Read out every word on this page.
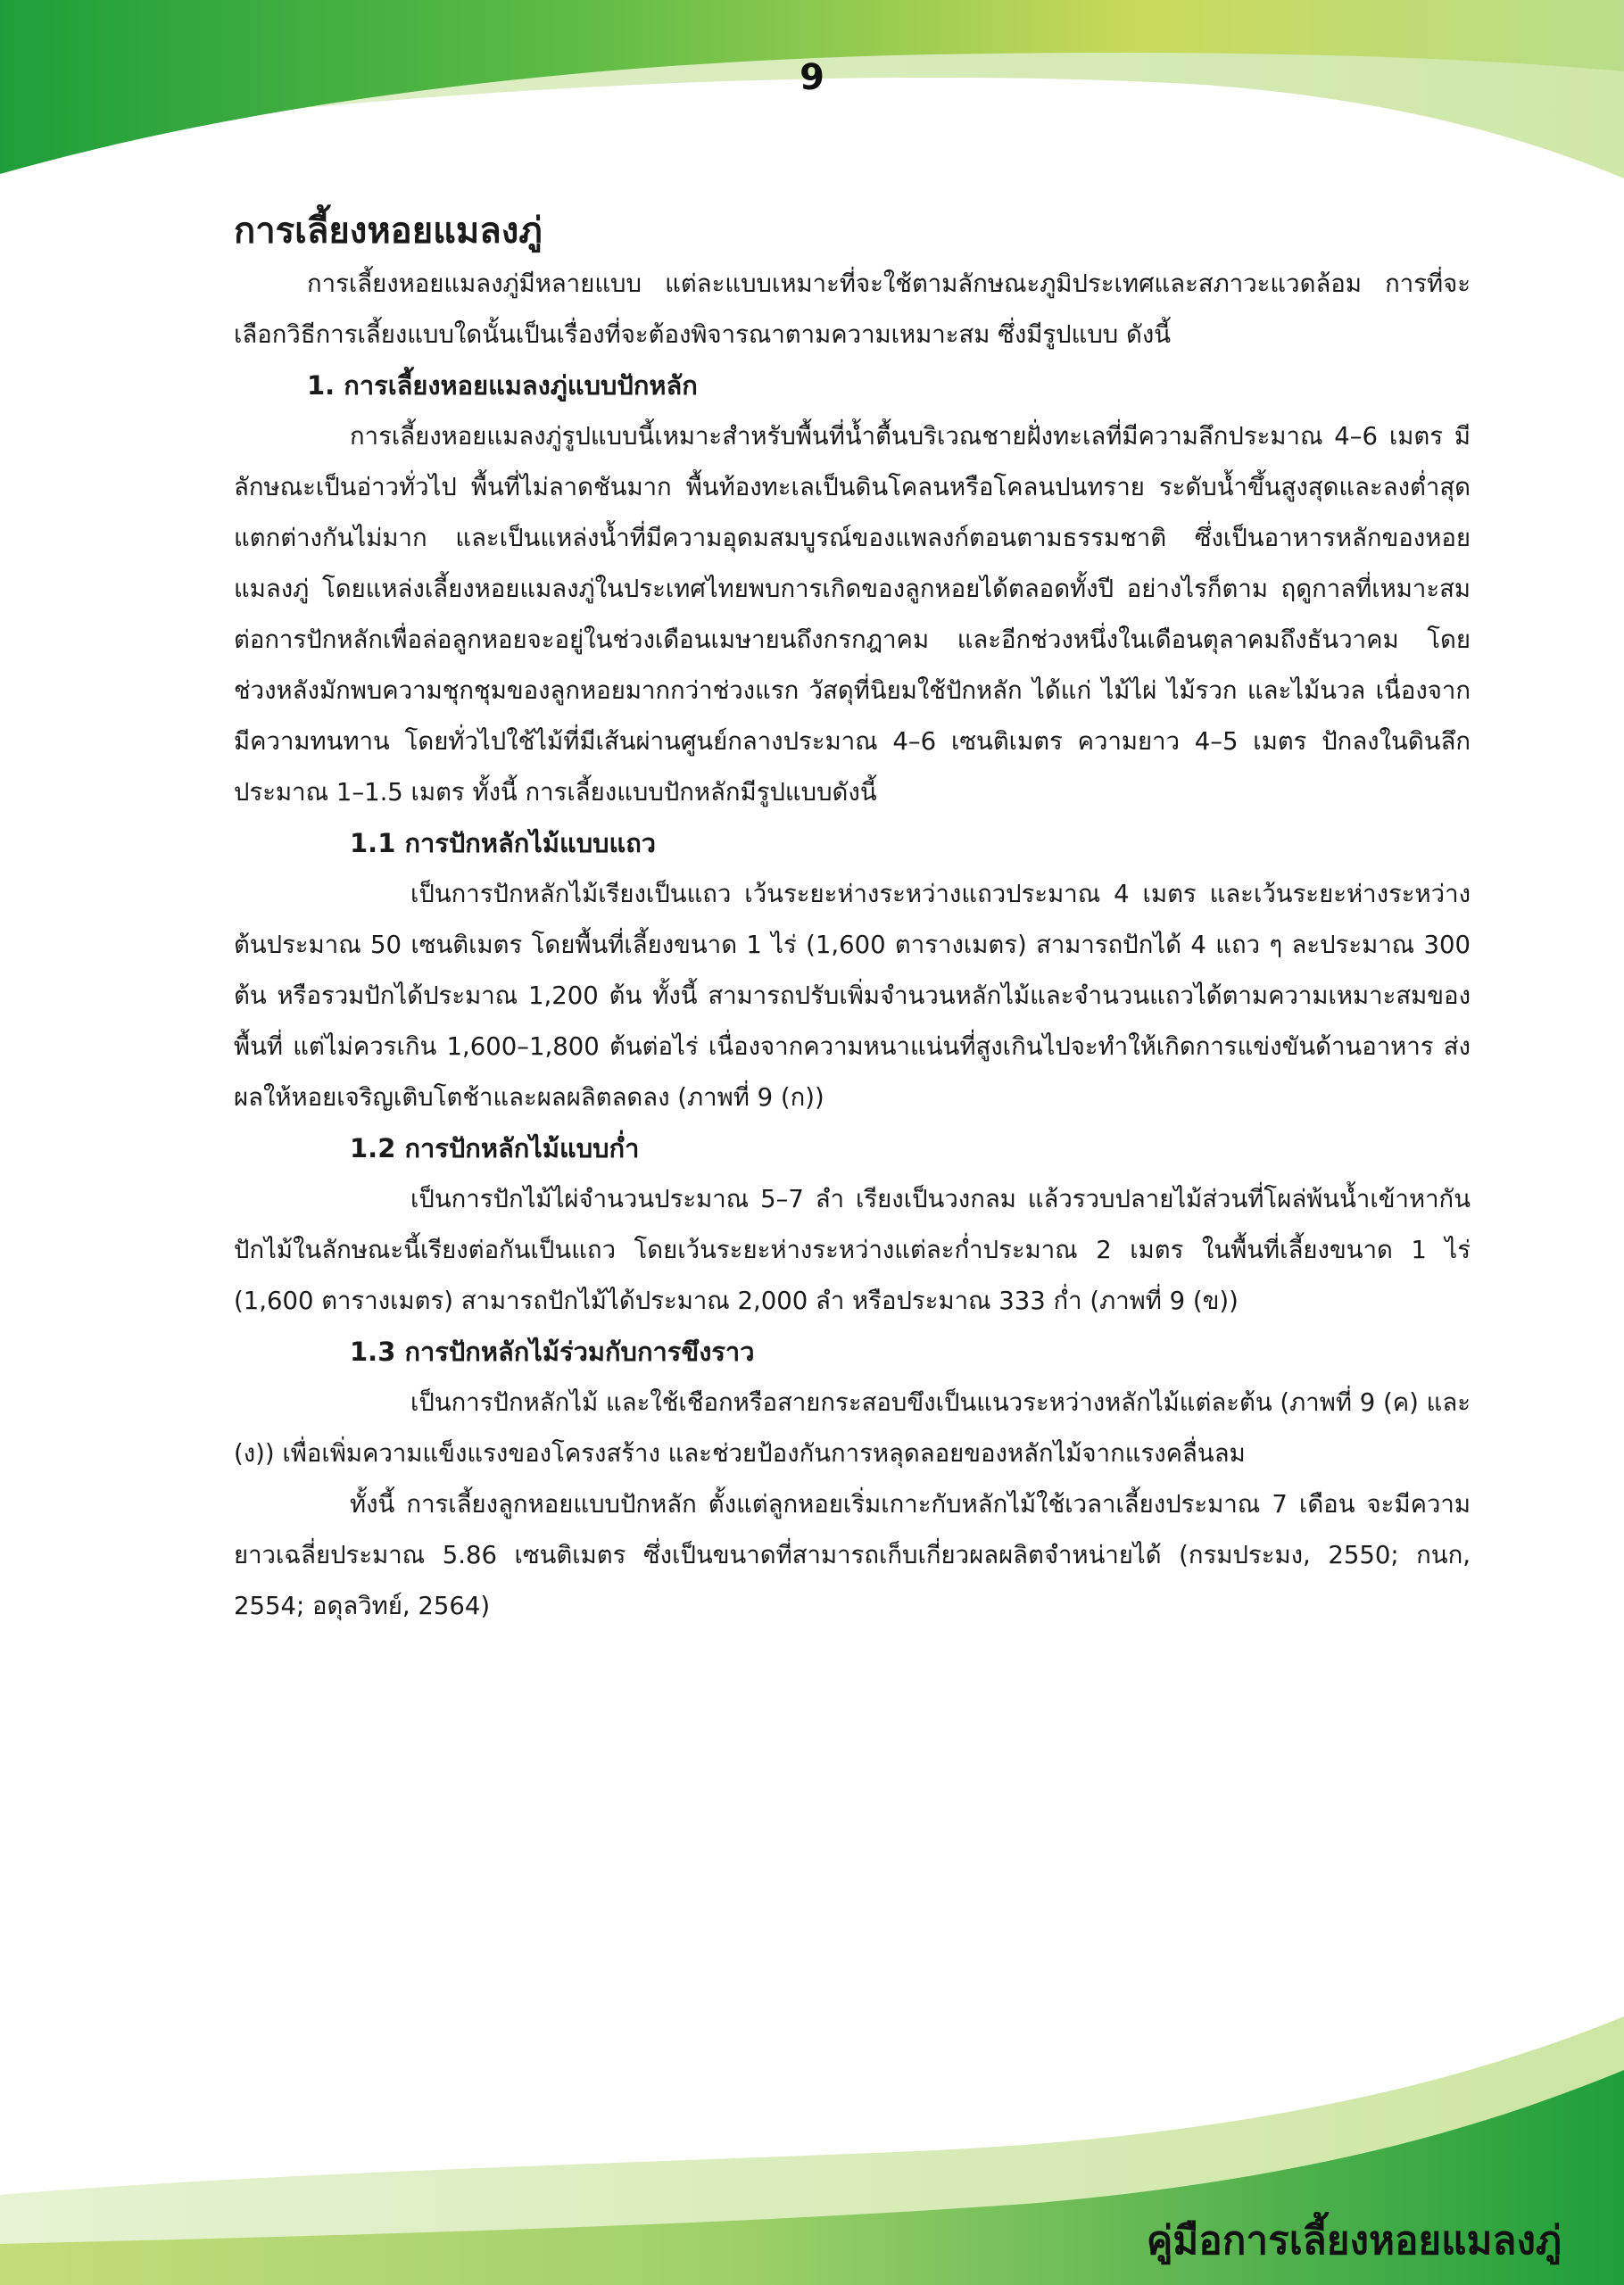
9

การเลี้ยงหอยแมลงภู่

การเลี้ยงหอยแมลงภู่มีหลายแบบ แต่ละแบบเหมาะที่จะใช้ตามลักษณะภูมิประเทศและสภาวะแวดล้อม การที่จะเลือกวิธีการเลี้ยงแบบใดนั้นเป็นเรื่องที่จะต้องพิจารณาตามความเหมาะสม ซึ่งมีรูปแบบ ดังนี้

1. การเลี้ยงหอยแมลงภู่แบบปักหลัก

การเลี้ยงหอยแมลงภู่รูปแบบนี้เหมาะสำหรับพื้นที่น้ำตื้นบริเวณชายฝั่งทะเลที่มีความลึกประมาณ 4–6 เมตร มีลักษณะเป็นอ่าวทั่วไป พื้นที่ไม่ลาดชันมาก พื้นท้องทะเลเป็นดินโคลนหรือโคลนปนทราย ระดับน้ำขึ้นสูงสุดและลงต่ำสุดแตกต่างกันไม่มาก และเป็นแหล่งน้ำที่มีความอุดมสมบูรณ์ของแพลงก์ตอนตามธรรมชาติ ซึ่งเป็นอาหารหลักของหอยแมลงภู่ โดยแหล่งเลี้ยงหอยแมลงภู่ในประเทศไทยพบการเกิดของลูกหอยได้ตลอดทั้งปี อย่างไรก็ตาม ฤดูกาลที่เหมาะสมต่อการปักหลักเพื่อล่อลูกหอยจะอยู่ในช่วงเดือนเมษายนถึงกรกฎาคม และอีกช่วงหนึ่งในเดือนตุลาคมถึงธันวาคม โดยช่วงหลังมักพบความชุกชุมของลูกหอยมากกว่าช่วงแรก วัสดุที่นิยมใช้ปักหลัก ได้แก่ ไม้ไผ่ ไม้รวก และไม้นวล เนื่องจากมีความทนทาน โดยทั่วไปใช้ไม้ที่มีเส้นผ่านศูนย์กลางประมาณ 4–6 เซนติเมตร ความยาว 4–5 เมตร ปักลงในดินลึกประมาณ 1–1.5 เมตร ทั้งนี้ การเลี้ยงแบบปักหลักมีรูปแบบดังนี้

1.1 การปักหลักไม้แบบแถว

เป็นการปักหลักไม้เรียงเป็นแถว เว้นระยะห่างระหว่างแถวประมาณ 4 เมตร และเว้นระยะห่างระหว่างต้นประมาณ 50 เซนติเมตร โดยพื้นที่เลี้ยงขนาด 1 ไร่ (1,600 ตารางเมตร) สามารถปักได้ 4 แถว ๆ ละประมาณ 300 ต้น หรือรวมปักได้ประมาณ 1,200 ต้น ทั้งนี้ สามารถปรับเพิ่มจำนวนหลักไม้และจำนวนแถวได้ตามความเหมาะสมของพื้นที่ แต่ไม่ควรเกิน 1,600–1,800 ต้นต่อไร่ เนื่องจากความหนาแน่นที่สูงเกินไปจะทำให้เกิดการแข่งขันด้านอาหาร ส่งผลให้หอยเจริญเติบโตช้าและผลผลิตลดลง (ภาพที่ 9 (ก))

1.2 การปักหลักไม้แบบก่ำ

เป็นการปักไม้ไผ่จำนวนประมาณ 5–7 ลำ เรียงเป็นวงกลม แล้วรวบปลายไม้ส่วนที่โผล่พ้นน้ำเข้าหากัน ปักไม้ในลักษณะนี้เรียงต่อกันเป็นแถว โดยเว้นระยะห่างระหว่างแต่ละก่ำประมาณ 2 เมตร ในพื้นที่เลี้ยงขนาด 1 ไร่ (1,600 ตารางเมตร) สามารถปักไม้ได้ประมาณ 2,000 ลำ หรือประมาณ 333 ก่ำ (ภาพที่ 9 (ข))

1.3 การปักหลักไม้ร่วมกับการขึงราว

เป็นการปักหลักไม้ และใช้เชือกหรือสายกระสอบขึงเป็นแนวระหว่างหลักไม้แต่ละต้น (ภาพที่ 9 (ค) และ (ง)) เพื่อเพิ่มความแข็งแรงของโครงสร้าง และช่วยป้องกันการหลุดลอยของหลักไม้จากแรงคลื่นลม

ทั้งนี้ การเลี้ยงลูกหอยแบบปักหลัก ตั้งแต่ลูกหอยเริ่มเกาะกับหลักไม้ใช้เวลาเลี้ยงประมาณ 7 เดือน จะมีความยาวเฉลี่ยประมาณ 5.86 เซนติเมตร ซึ่งเป็นขนาดที่สามารถเก็บเกี่ยวผลผลิตจำหน่ายได้ (กรมประมง, 2550; กนก, 2554; อดุลวิทย์, 2564)

คู่มือการเลี้ยงหอยแมลงภู่
